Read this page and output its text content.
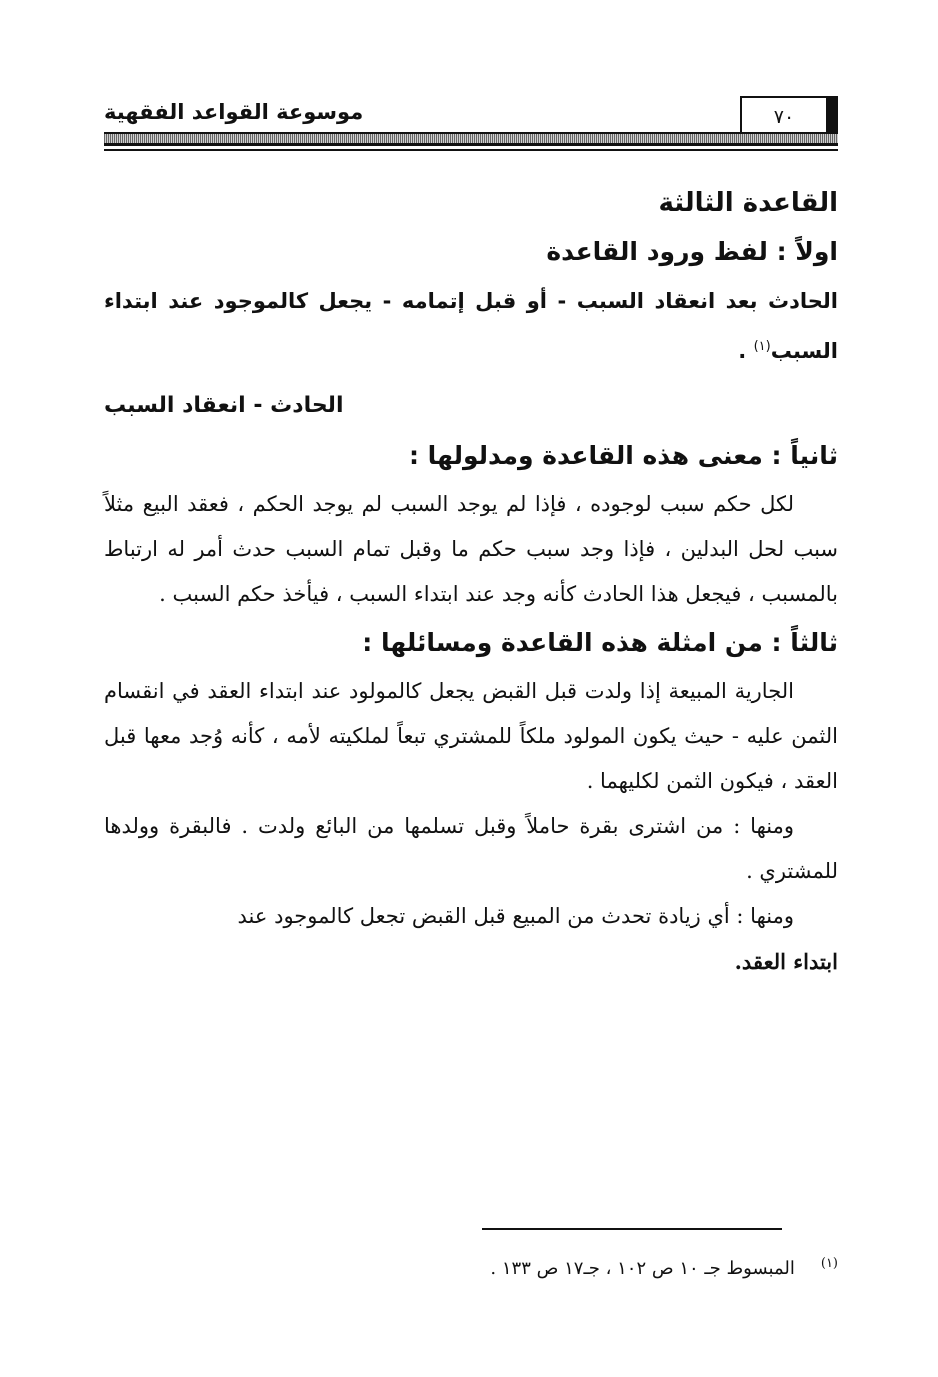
٧٠
موسوعة القواعد الفقهية
القاعدة الثالثة
اولاً : لفظ ورود القاعدة

الحادث بعد انعقاد السبب - أو قبل إتمامه - يجعل كالموجود عند ابتداء السبب$^{(١)}$ .

الحادث - انعقاد السبب

ثانياً : معنى هذه القاعدة ومدلولها :

لكل حكم سبب لوجوده ، فإذا لم يوجد السبب لم يوجد الحكم ، فعقد البيع مثلاً سبب لحل البدلين ، فإذا وجد سبب حكم ما وقبل تمام السبب حدث أمر له ارتباط بالمسبب ، فيجعل هذا الحادث كأنه وجد عند ابتداء السبب ، فيأخذ حكم السبب .

ثالثاً : من امثلة هذه القاعدة ومسائلها :

الجارية المبيعة إذا ولدت قبل القبض يجعل كالمولود عند ابتداء العقد في انقسام الثمن عليه - حيث يكون المولود ملكاً للمشتري تبعاً لملكيته لأمه ، كأنه وُجد معها قبل العقد ، فيكون الثمن لكليهما .

ومنها : من اشترى بقرة حاملاً وقبل تسلمها من البائع ولدت . فالبقرة وولدها للمشتري .

ومنها : أي زيادة تحدث من المبيع قبل القبض تجعل كالموجود عند

ابتداء العقد.

$^{(١)}$المبسوط جـ ١٠ ص ١٠٢ ، جـ١٧ ص ١٣٣ .
